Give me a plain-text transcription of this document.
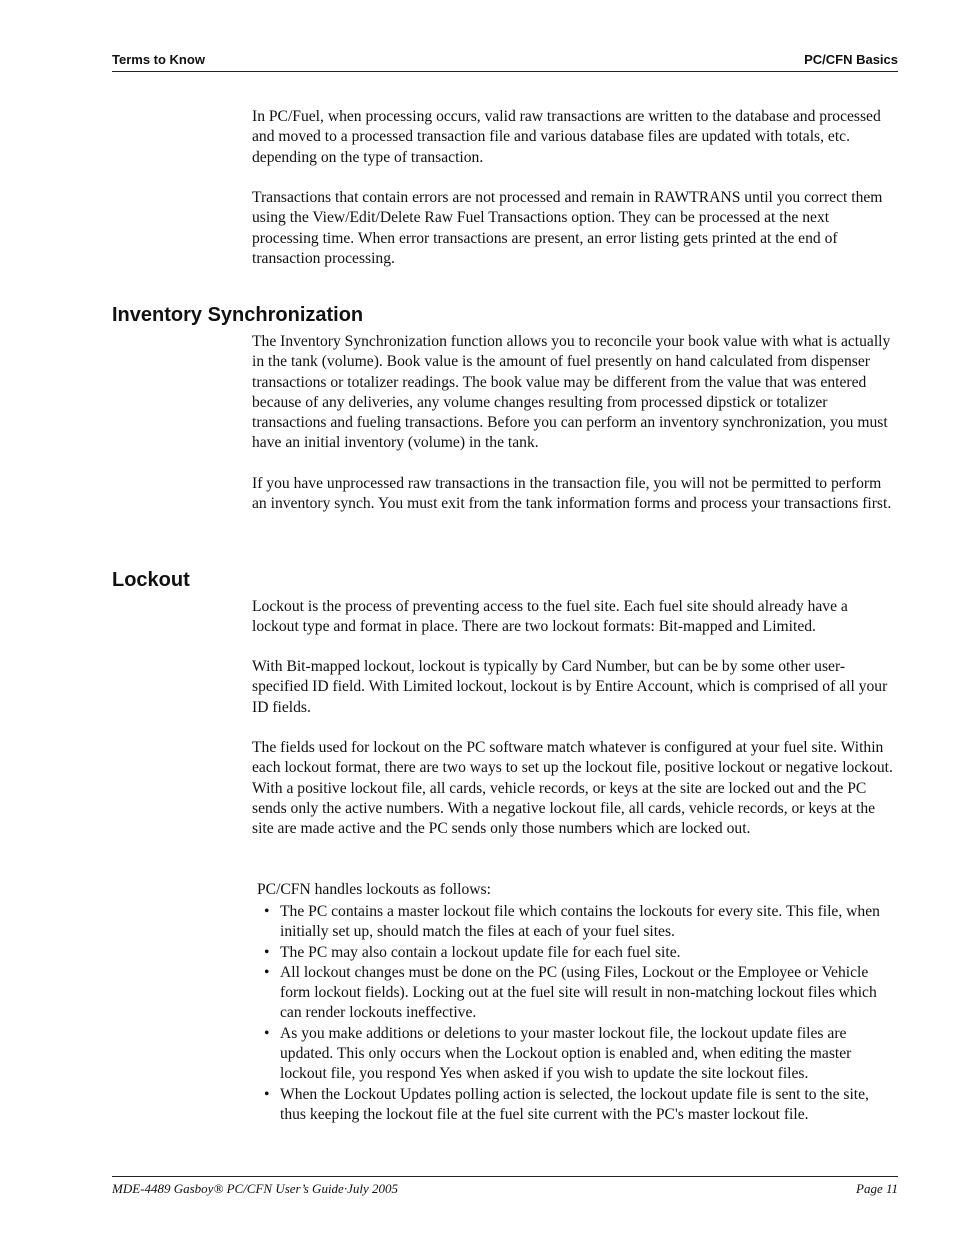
Terms to Know	PC/CFN Basics

In PC/Fuel, when processing occurs, valid raw transactions are written to the database and processed and moved to a processed transaction file and various database files are updated with totals, etc. depending on the type of transaction.

Transactions that contain errors are not processed and remain in RAWTRANS until you correct them using the View/Edit/Delete Raw Fuel Transactions option. They can be processed at the next processing time. When error transactions are present, an error listing gets printed at the end of transaction processing.

Inventory Synchronization

The Inventory Synchronization function allows you to reconcile your book value with what is actually in the tank (volume). Book value is the amount of fuel presently on hand calculated from dispenser transactions or totalizer readings. The book value may be different from the value that was entered because of any deliveries, any volume changes resulting from processed dipstick or totalizer transactions and fueling transactions. Before you can perform an inventory synchronization, you must have an initial inventory (volume) in the tank.

If you have unprocessed raw transactions in the transaction file, you will not be permitted to perform an inventory synch. You must exit from the tank information forms and process your transactions first.

Lockout

Lockout is the process of preventing access to the fuel site. Each fuel site should already have a lockout type and format in place. There are two lockout formats: Bit-mapped and Limited.

With Bit-mapped lockout, lockout is typically by Card Number, but can be by some other user-specified ID field. With Limited lockout, lockout is by Entire Account, which is comprised of all your ID fields.

The fields used for lockout on the PC software match whatever is configured at your fuel site. Within each lockout format, there are two ways to set up the lockout file, positive lockout or negative lockout. With a positive lockout file, all cards, vehicle records, or keys at the site are locked out and the PC sends only the active numbers. With a negative lockout file, all cards, vehicle records, or keys at the site are made active and the PC sends only those numbers which are locked out.

PC/CFN handles lockouts as follows:

• The PC contains a master lockout file which contains the lockouts for every site. This file, when initially set up, should match the files at each of your fuel sites.
• The PC may also contain a lockout update file for each fuel site.
• All lockout changes must be done on the PC (using Files, Lockout or the Employee or Vehicle form lockout fields). Locking out at the fuel site will result in non-matching lockout files which can render lockouts ineffective.
• As you make additions or deletions to your master lockout file, the lockout update files are updated. This only occurs when the Lockout option is enabled and, when editing the master lockout file, you respond Yes when asked if you wish to update the site lockout files.
• When the Lockout Updates polling action is selected, the lockout update file is sent to the site, thus keeping the lockout file at the fuel site current with the PC's master lockout file.
MDE-4489 Gasboy® PC/CFN User’s Guide·July 2005	Page 11
